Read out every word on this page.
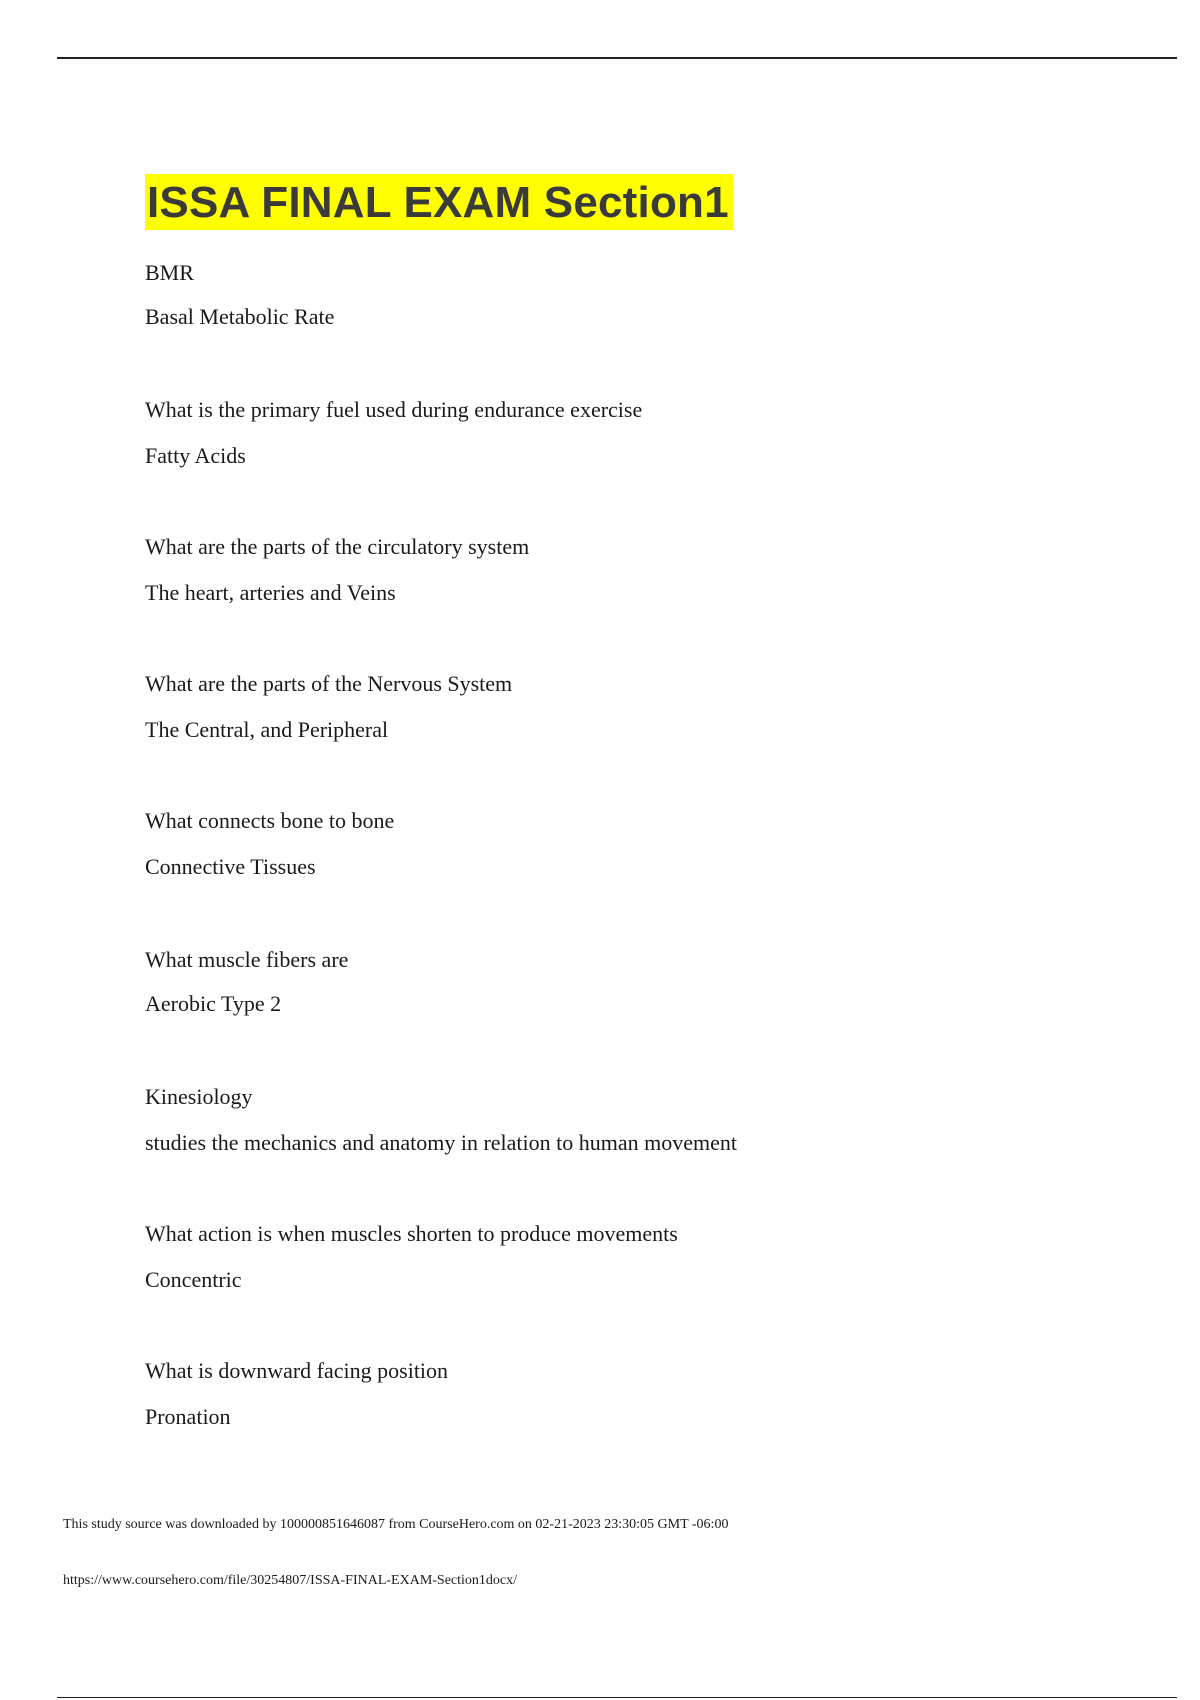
ISSA FINAL EXAM Section1
BMR
Basal Metabolic Rate
What is the primary fuel used during endurance exercise
Fatty Acids
What are the parts of the circulatory system
The heart, arteries and Veins
What are the parts of the Nervous System
The Central, and Peripheral
What connects bone to bone
Connective Tissues
What muscle fibers are
Aerobic Type 2
Kinesiology
studies the mechanics and anatomy in relation to human movement
What action is when muscles shorten to produce movements
Concentric
What is downward facing position
Pronation
This study source was downloaded by 100000851646087 from CourseHero.com on 02-21-2023 23:30:05 GMT -06:00
https://www.coursehero.com/file/30254807/ISSA-FINAL-EXAM-Section1docx/
